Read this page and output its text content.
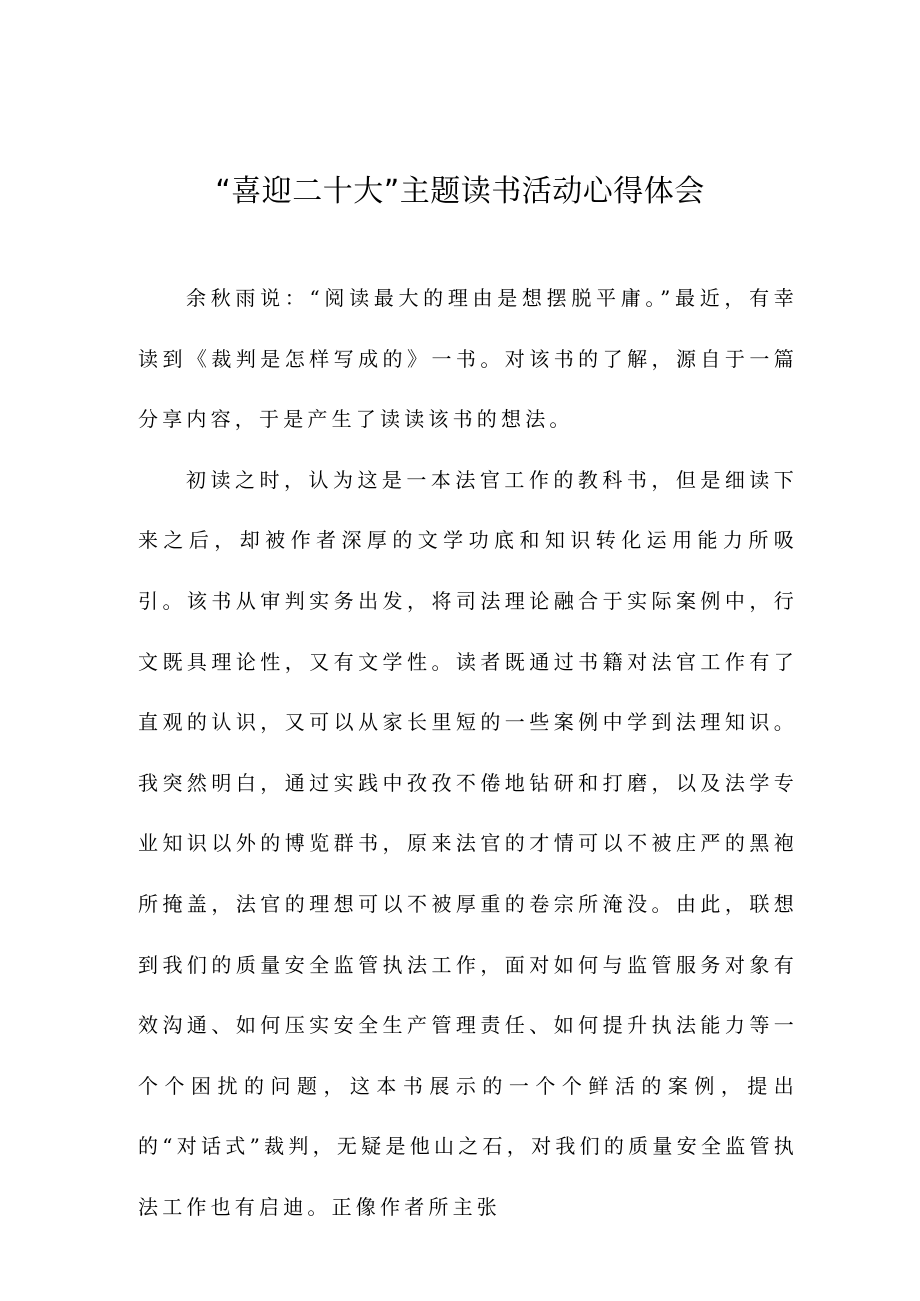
“喜迎二十大”主题读书活动心得体会

余秋雨说：“阅读最大的理由是想摆脱平庸。”最近，有幸读到《裁判是怎样写成的》一书。对该书的了解，源自于一篇分享内容，于是产生了读读该书的想法。

初读之时，认为这是一本法官工作的教科书，但是细读下来之后，却被作者深厚的文学功底和知识转化运用能力所吸引。该书从审判实务出发，将司法理论融合于实际案例中，行文既具理论性，又有文学性。读者既通过书籍对法官工作有了直观的认识，又可以从家长里短的一些案例中学到法理知识。我突然明白，通过实践中孜孜不倦地钻研和打磨，以及法学专业知识以外的博览群书，原来法官的才情可以不被庄严的黑袍所掩盖，法官的理想可以不被厚重的卷宗所淹没。由此，联想到我们的质量安全监管执法工作，面对如何与监管服务对象有效沟通、如何压实安全生产管理责任、如何提升执法能力等一个个困扰的问题，这本书展示的一个个鲜活的案例，提出的“对话式”裁判，无疑是他山之石，对我们的质量安全监管执法工作也有启迪。正像作者所主张
